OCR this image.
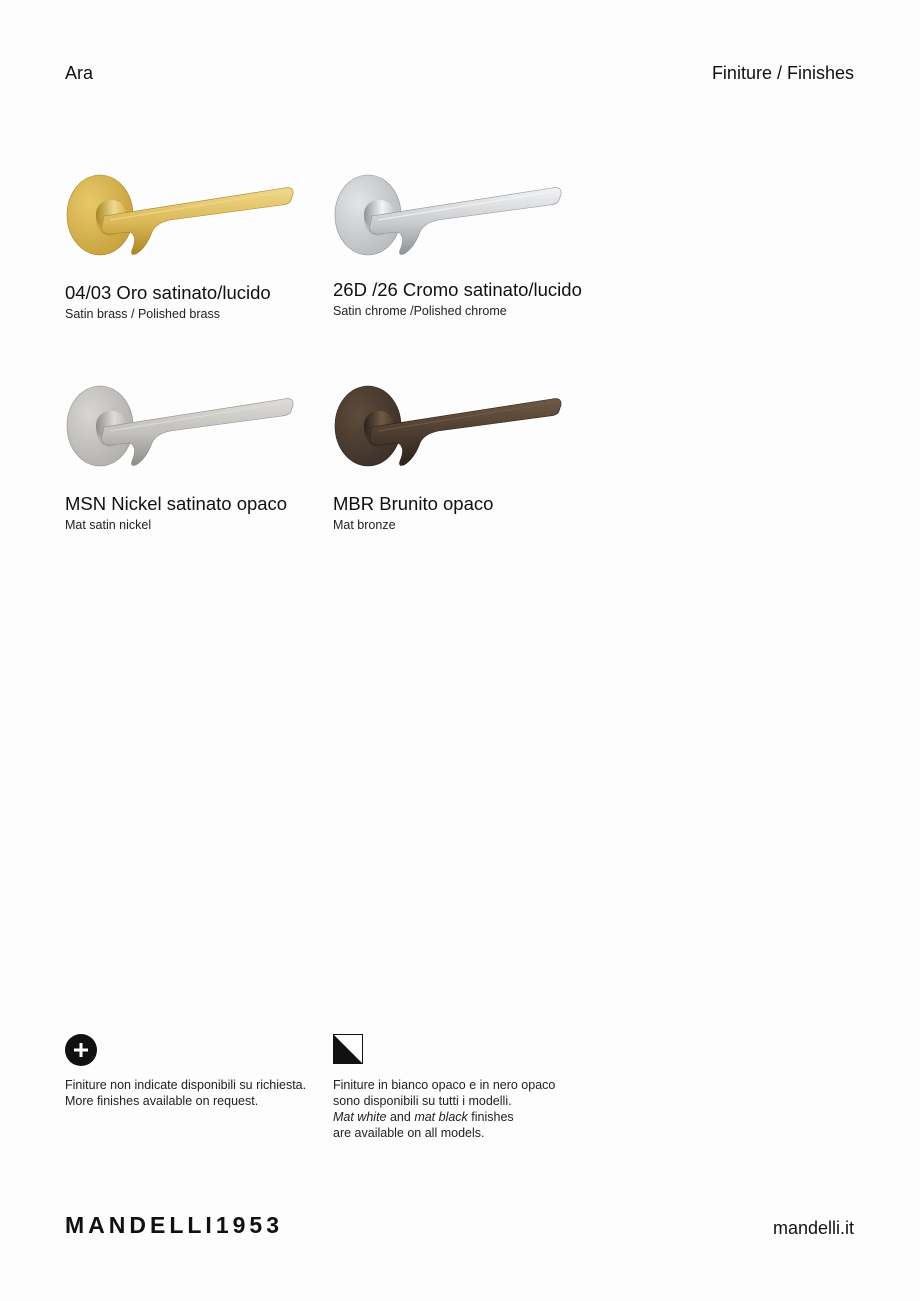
Ara	Finiture / Finishes
04/03 Oro satinato/lucido
Satin brass / Polished brass
26D /26 Cromo satinato/lucido
Satin chrome /Polished chrome
MSN Nickel satinato opaco
Mat satin nickel
MBR Brunito opaco
Mat bronze
Finiture non indicate disponibili su richiesta.
More finishes available on request.
Finiture in bianco opaco e in nero opaco
sono disponibili su tutti i modelli.
Mat white and mat black finishes
are available on all models.
MANDELLI1953	mandelli.it
